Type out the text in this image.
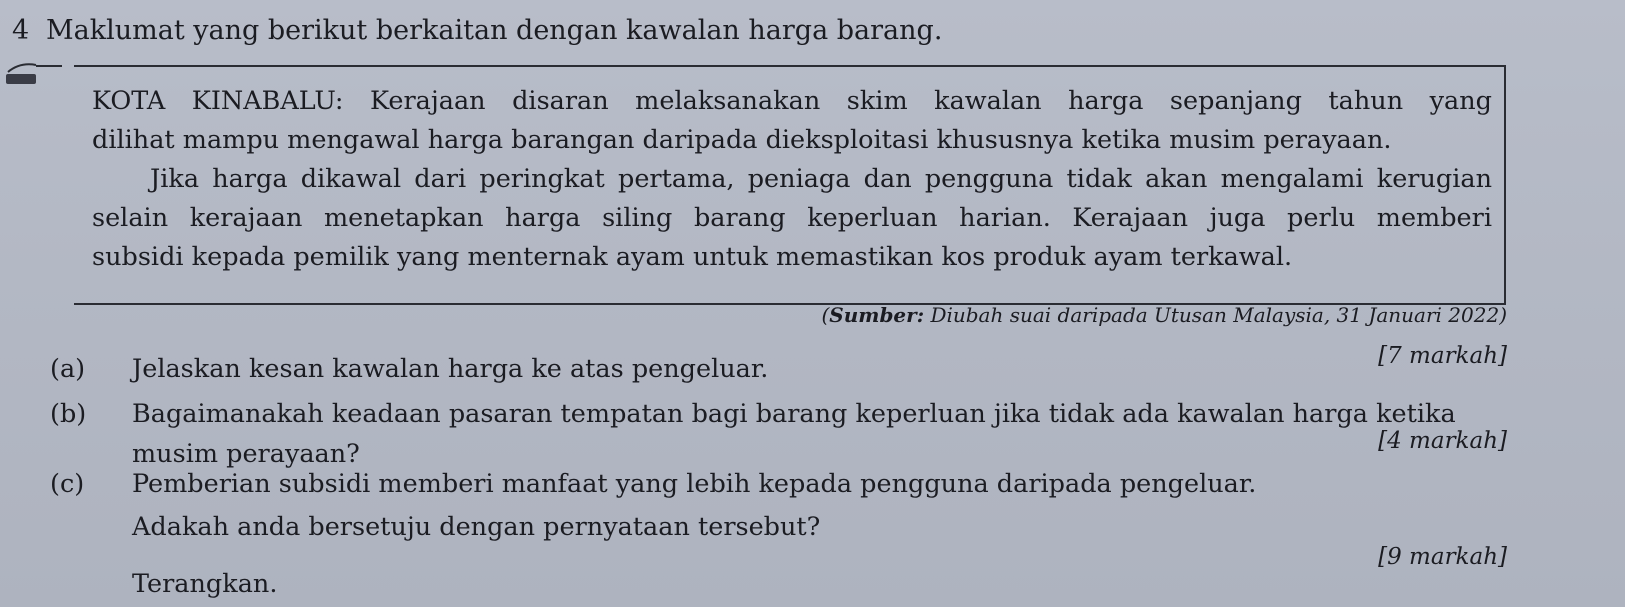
4 Maklumat yang berikut berkaitan dengan kawalan harga barang.
KOTA KINABALU: Kerajaan disaran melaksanakan skim kawalan harga sepanjang tahun yang
dilihat mampu mengawal harga barangan daripada dieksploitasi khususnya ketika musim perayaan.
Jika harga dikawal dari peringkat pertama, peniaga dan pengguna tidak akan mengalami kerugian
selain kerajaan menetapkan harga siling barang keperluan harian. Kerajaan juga perlu memberi
subsidi kepada pemilik yang menternak ayam untuk memastikan kos produk ayam terkawal.
(Sumber: Diubah suai daripada Utusan Malaysia, 31 Januari 2022)
(a) Jelaskan kesan kawalan harga ke atas pengeluar.	[7 markah]
(b) Bagaimanakah keadaan pasaran tempatan bagi barang keperluan jika tidak ada kawalan harga ketika
musim perayaan?	[4 markah]
(c) Pemberian subsidi memberi manfaat yang lebih kepada pengguna daripada pengeluar.
Adakah anda bersetuju dengan pernyataan tersebut?
Terangkan.
[9 markah]
